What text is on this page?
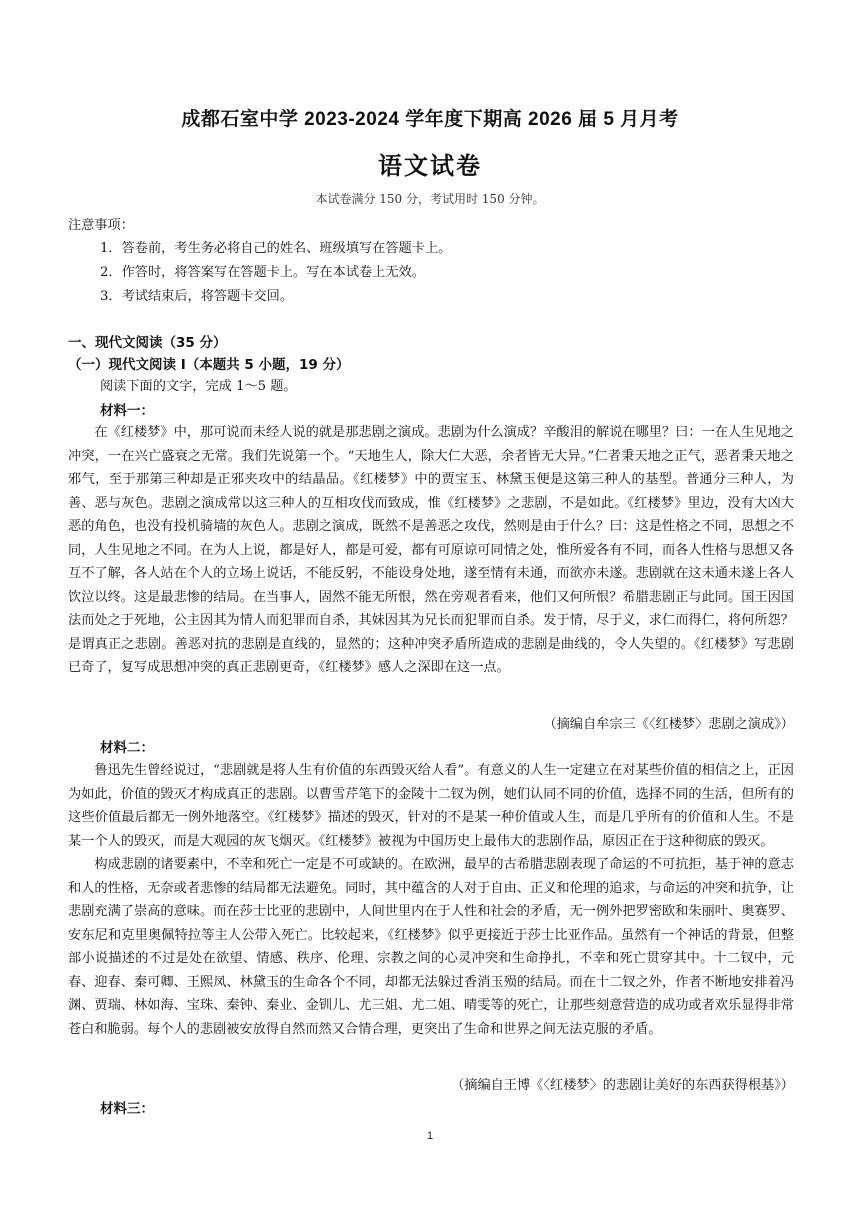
成都石室中学 2023-2024 学年度下期高 2026 届 5 月月考
语文试卷
本试卷满分 150 分，考试用时 150 分钟。
注意事项：
1．答卷前，考生务必将自己的姓名、班级填写在答题卡上。
2．作答时，将答案写在答题卡上。写在本试卷上无效。
3．考试结束后，将答题卡交回。
一、现代文阅读（35 分）
（一）现代文阅读 I（本题共 5 小题，19 分）
阅读下面的文字，完成 1～5 题。
材料一：

在《红楼梦》中，那可说而未经人说的就是那悲剧之演成。悲剧为什么演成？辛酸泪的解说在哪里？曰：一在人生见地之冲突，一在兴亡盛衰之无常。我们先说第一个。“天地生人，除大仁大恶，余者皆无大异。”仁者秉天地之正气，恶者秉天地之邪气，至于那第三种却是正邪夹攻中的结晶品。《红楼梦》中的贾宝玉、林黛玉便是这第三种人的基型。普通分三种人，为善、恶与灰色。悲剧之演成常以这三种人的互相攻伐而致成，惟《红楼梦》之悲剧，不是如此。《红楼梦》里边，没有大凶大恶的角色，也没有投机骑墙的灰色人。悲剧之演成，既然不是善恶之攻伐，然则是由于什么？曰：这是性格之不同，思想之不同，人生见地之不同。在为人上说，都是好人，都是可爱，都有可原谅可同情之处，惟所爱各有不同，而各人性格与思想又各互不了解，各人站在个人的立场上说话，不能反躬，不能设身处地，遂至情有未通，而欲亦未遂。悲剧就在这未通未遂上各人饮泣以终。这是最悲惨的结局。在当事人，固然不能无所恨，然在旁观者看来，他们又何所恨？希腊悲剧正与此同。国王因国法而处之于死地，公主因其为情人而犯罪而自杀，其妹因其为兄长而犯罪而自杀。发于情，尽于义，求仁而得仁，将何所怨？是谓真正之悲剧。善恶对抗的悲剧是直线的，显然的；这种冲突矛盾所造成的悲剧是曲线的，令人失望的。《红楼梦》写悲剧已奇了，复写成思想冲突的真正悲剧更奇，《红楼梦》感人之深即在这一点。

（摘编自牟宗三《〈红楼梦〉悲剧之演成》）
材料二：

鲁迅先生曾经说过，“悲剧就是将人生有价值的东西毁灭给人看”。有意义的人生一定建立在对某些价值的相信之上，正因为如此，价值的毁灭才构成真正的悲剧。以曹雪芹笔下的金陵十二钗为例，她们认同不同的价值，选择不同的生活，但所有的这些价值最后都无一例外地落空。《红楼梦》描述的毁灭，针对的不是某一种价值或人生，而是几乎所有的价值和人生。不是某一个人的毁灭，而是大观园的灰飞烟灭。《红楼梦》被视为中国历史上最伟大的悲剧作品，原因正在于这种彻底的毁灭。

构成悲剧的诸要素中，不幸和死亡一定是不可或缺的。在欧洲，最早的古希腊悲剧表现了命运的不可抗拒，基于神的意志和人的性格，无奈或者悲惨的结局都无法避免。同时，其中蕴含的人对于自由、正义和伦理的追求，与命运的冲突和抗争，让悲剧充满了崇高的意味。而在莎士比亚的悲剧中，人间世里内在于人性和社会的矛盾，无一例外把罗密欧和朱丽叶、奥赛罗、安东尼和克里奥佩特拉等主人公带入死亡。比较起来，《红楼梦》似乎更接近于莎士比亚作品。虽然有一个神话的背景，但整部小说描述的不过是处在欲望、情感、秩序、伦理、宗教之间的心灵冲突和生命挣扎，不幸和死亡贯穿其中。十二钗中，元春、迎春、秦可卿、王熙凤、林黛玉的生命各个不同，却都无法躲过香消玉殒的结局。而在十二钗之外，作者不断地安排着冯渊、贾瑞、林如海、宝珠、秦钟、秦业、金钏儿、尤三姐、尤二姐、晴雯等的死亡，让那些刻意营造的成功或者欢乐显得非常苍白和脆弱。每个人的悲剧被安放得自然而然又合情合理，更突出了生命和世界之间无法克服的矛盾。

（摘编自王博《〈红楼梦〉的悲剧让美好的东西获得根基》）
材料三：
1
